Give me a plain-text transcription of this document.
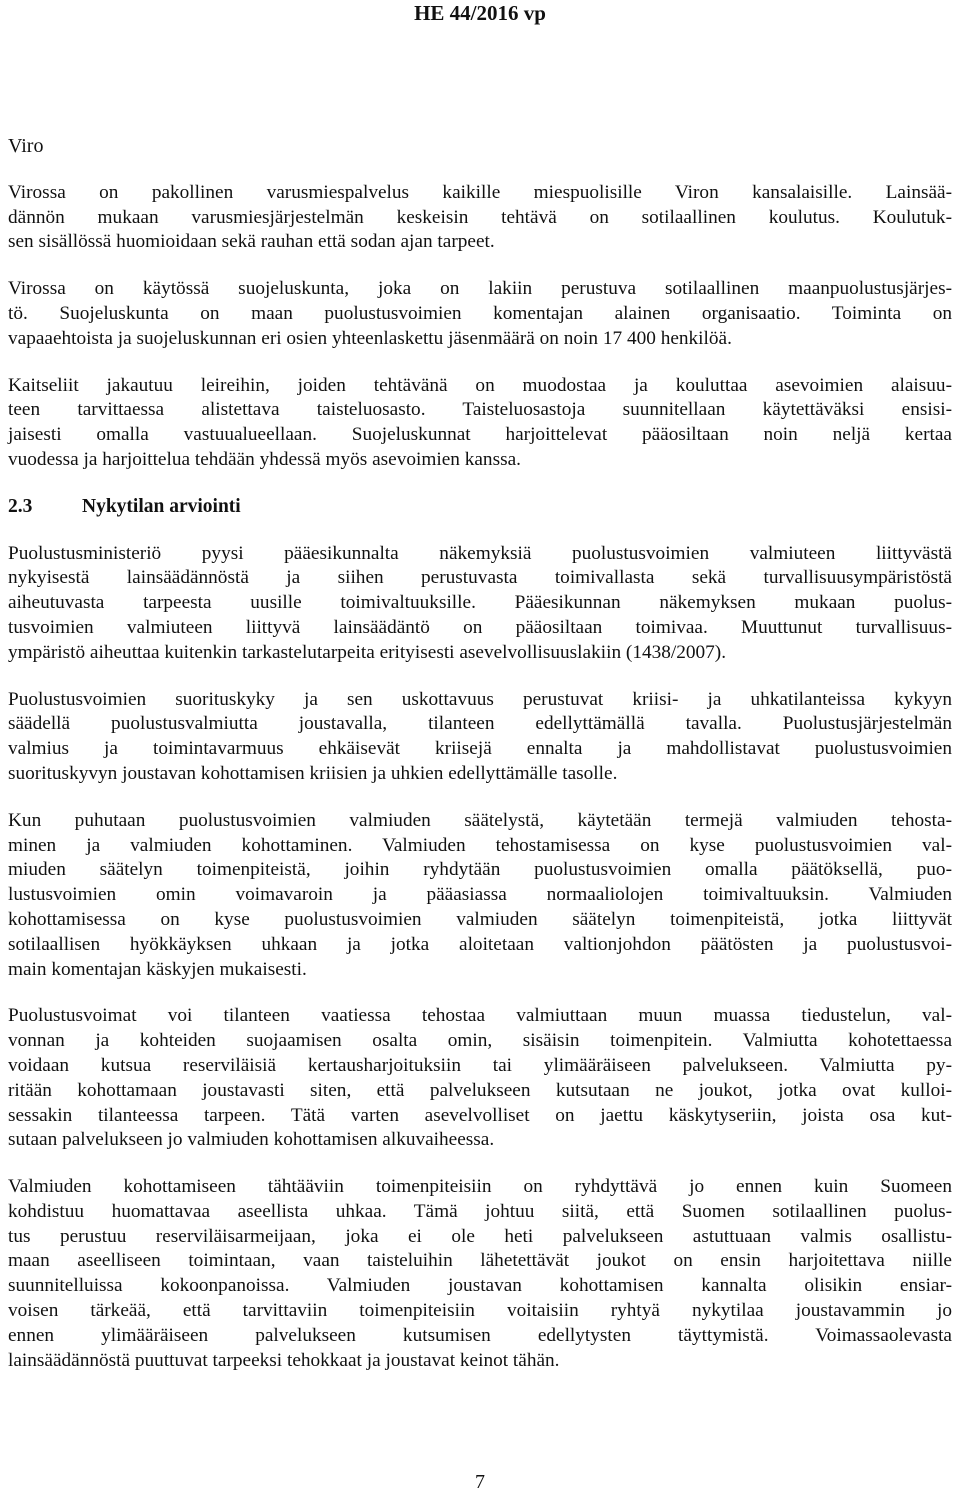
HE 44/2016 vp

Viro

Virossa on pakollinen varusmiespalvelus kaikille miespuolisille Viron kansalaisille. Lainsää-
dännön mukaan varusmiesjärjestelmän keskeisin tehtävä on sotilaallinen koulutus. Koulutuk-
sen sisällössä huomioidaan sekä rauhan että sodan ajan tarpeet.

Virossa on käytössä suojeluskunta, joka on lakiin perustuva sotilaallinen maanpuolustusjärjes-
tö. Suojeluskunta on maan puolustusvoimien komentajan alainen organisaatio. Toiminta on
vapaaehtoista ja suojeluskunnan eri osien yhteenlaskettu jäsenmäärä on noin 17 400 henkilöä.

Kaitseliit jakautuu leireihin, joiden tehtävänä on muodostaa ja kouluttaa asevoimien alaisuu-
teen tarvittaessa alistettava taisteluosasto. Taisteluosastoja suunnitellaan käytettäväksi ensisi-
jaisesti omalla vastuualueellaan. Suojeluskunnat harjoittelevat pääosiltaan noin neljä kertaa
vuodessa ja harjoittelua tehdään yhdessä myös asevoimien kanssa.

2.3	Nykytilan arviointi

Puolustusministeriö pyysi pääesikunnalta näkemyksiä puolustusvoimien valmiuteen liittyvästä
nykyisestä lainsäädännöstä ja siihen perustuvasta toimivallasta sekä turvallisuusympäristöstä
aiheutuvasta tarpeesta uusille toimivaltuuksille. Pääesikunnan näkemyksen mukaan puolus-
tusvoimien valmiuteen liittyvä lainsäädäntö on pääosiltaan toimivaa. Muuttunut turvallisuus-
ympäristö aiheuttaa kuitenkin tarkastelutarpeita erityisesti asevelvollisuuslakiin (1438/2007).

Puolustusvoimien suorituskyky ja sen uskottavuus perustuvat kriisi- ja uhkatilanteissa kykyyn
säädellä puolustusvalmiutta joustavalla, tilanteen edellyttämällä tavalla. Puolustusjärjestelmän
valmius ja toimintavarmuus ehkäisevät kriisejä ennalta ja mahdollistavat puolustusvoimien
suorituskyvyn joustavan kohottamisen kriisien ja uhkien edellyttämälle tasolle.

Kun puhutaan puolustusvoimien valmiuden säätelystä, käytetään termejä valmiuden tehosta-
minen ja valmiuden kohottaminen. Valmiuden tehostamisessa on kyse puolustusvoimien val-
miuden säätelyn toimenpiteistä, joihin ryhdytään puolustusvoimien omalla päätöksellä, puo-
lustusvoimien omin voimavaroin ja pääasiassa normaaliolojen toimivaltuuksin. Valmiuden
kohottamisessa on kyse puolustusvoimien valmiuden säätelyn toimenpiteistä, jotka liittyvät
sotilaallisen hyökkäyksen uhkaan ja jotka aloitetaan valtionjohdon päätösten ja puolustusvoi-
main komentajan käskyjen mukaisesti.

Puolustusvoimat voi tilanteen vaatiessa tehostaa valmiuttaan muun muassa tiedustelun, val-
vonnan ja kohteiden suojaamisen osalta omin, sisäisin toimenpitein. Valmiutta kohotettaessa
voidaan kutsua reserviläisiä kertausharjoituksiin tai ylimääräiseen palvelukseen. Valmiutta py-
ritään kohottamaan joustavasti siten, että palvelukseen kutsutaan ne joukot, jotka ovat kulloi-
sessakin tilanteessa tarpeen. Tätä varten asevelvolliset on jaettu käskytyseriin, joista osa kut-
sutaan palvelukseen jo valmiuden kohottamisen alkuvaiheessa.

Valmiuden kohottamiseen tähtääviin toimenpiteisiin on ryhdyttävä jo ennen kuin Suomeen
kohdistuu huomattavaa aseellista uhkaa. Tämä johtuu siitä, että Suomen sotilaallinen puolus-
tus perustuu reserviläisarmeijaan, joka ei ole heti palvelukseen astuttuaan valmis osallistu-
maan aseelliseen toimintaan, vaan taisteluihin lähetettävät joukot on ensin harjoitettava niille
suunnitelluissa kokoonpanoissa. Valmiuden joustavan kohottamisen kannalta olisikin ensiar-
voisen tärkeää, että tarvittaviin toimenpiteisiin voitaisiin ryhtyä nykytilaa joustavammin jo
ennen ylimääräiseen palvelukseen kutsumisen edellytysten täyttymistä. Voimassaolevasta
lainsäädännöstä puuttuvat tarpeeksi tehokkaat ja joustavat keinot tähän.

7
